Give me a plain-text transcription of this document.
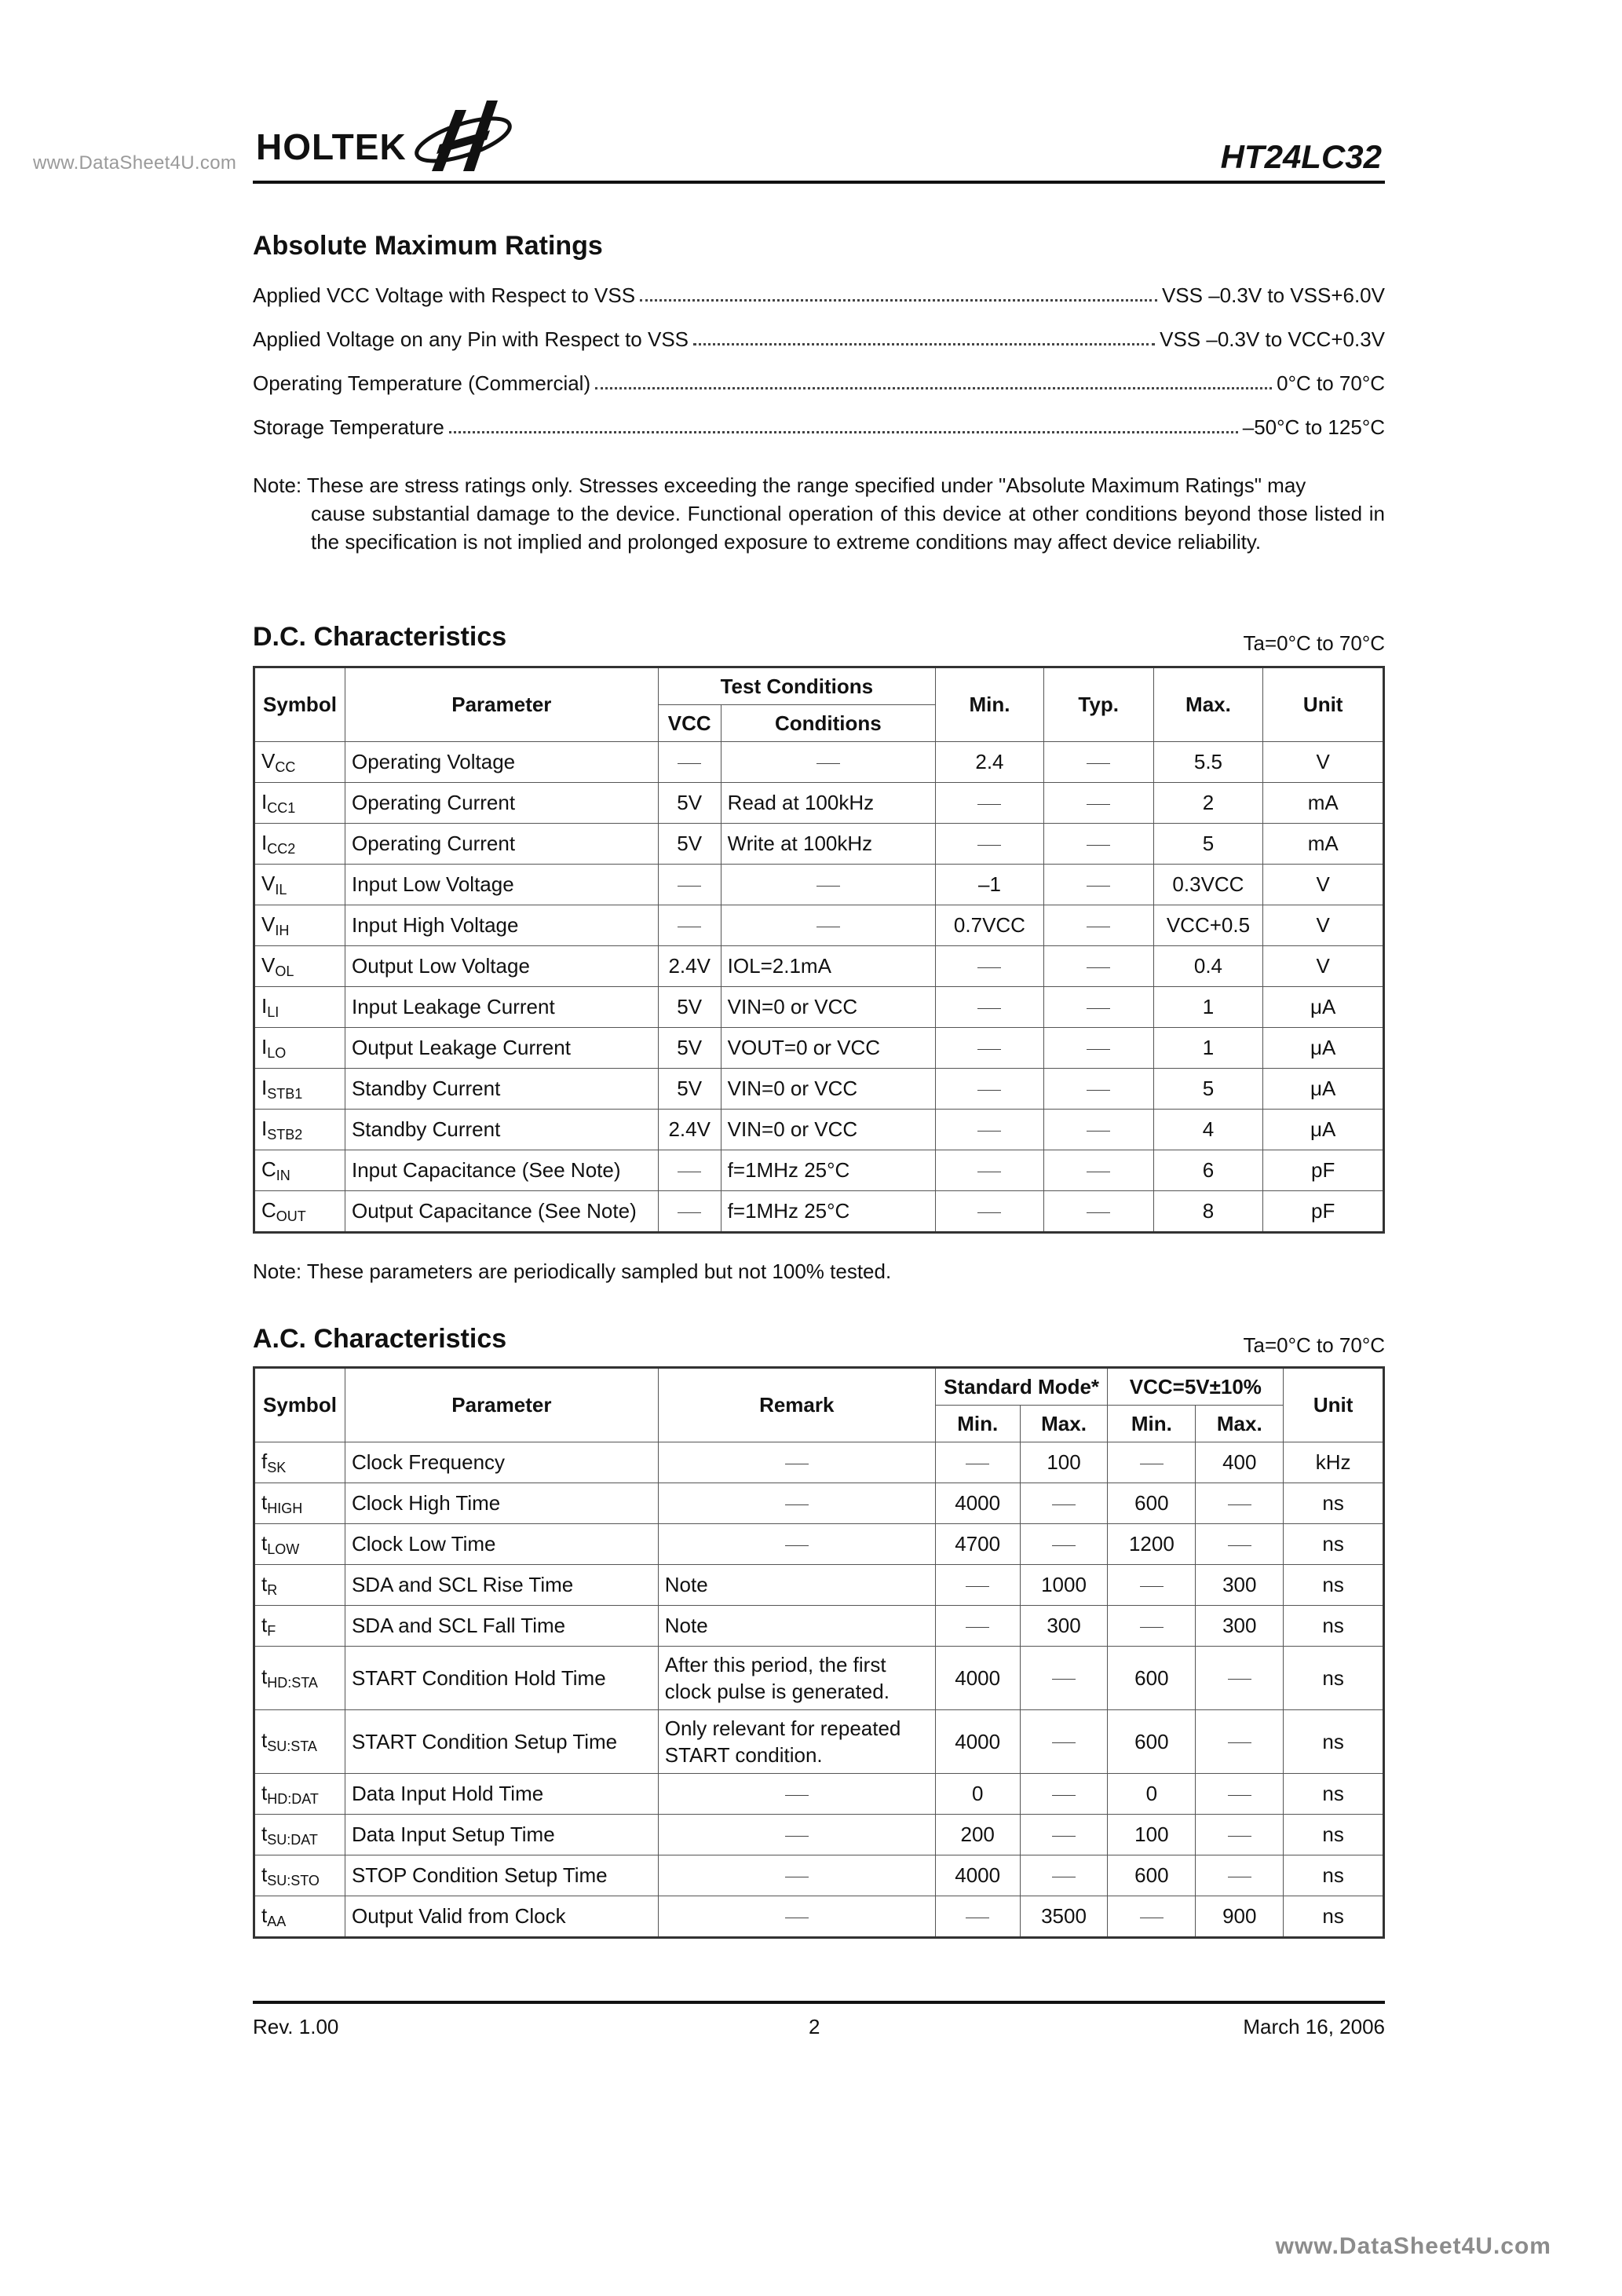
www.DataSheet4U.com HOLTEK	HT24LC32
Absolute Maximum Ratings
Applied VCC Voltage with Respect to VSS	VSS –0.3V to VSS+6.0V
Applied Voltage on any Pin with Respect to VSS	VSS –0.3V to VCC+0.3V
Operating Temperature (Commercial)	0°C to 70°C
Storage Temperature	–50°C to 125°C
Note: These are stress ratings only. Stresses exceeding the range specified under "Absolute Maximum Ratings" may
cause substantial damage to the device. Functional operation of this device at other conditions beyond those listed in the specification is not implied and prolonged exposure to extreme conditions may affect device reliability.
D.C. Characteristics	Ta=0°C to 70°C
Symbol	Parameter	Test Conditions		Min.	Typ.	Max.	Unit
		VCC	Conditions				
$V_{CC}$	Operating Voltage			2.4		5.5	V
$I_{CC1}$	Operating Current	5V	Read at 100kHz			2	mA
$I_{CC2}$	Operating Current	5V	Write at 100kHz			5	mA
$V_{IL}$	Input Low Voltage			–1		0.3VCC	V
$V_{IH}$	Input High Voltage			0.7VCC		VCC+0.5	V
$V_{OL}$	Output Low Voltage	2.4V	IOL=2.1mA			0.4	V
$I_{LI}$	Input Leakage Current	5V	VIN=0 or VCC			1	μA
$I_{LO}$	Output Leakage Current	5V	VOUT=0 or VCC			1	μA
$I_{STB1}$	Standby Current	5V	VIN=0 or VCC			5	μA
$I_{STB2}$	Standby Current	2.4V	VIN=0 or VCC			4	μA
$C_{IN}$	Input Capacitance (See Note)		f=1MHz 25°C			6	pF
$C_{OUT}$	Output Capacitance (See Note)		f=1MHz 25°C			8	pF
Note: These parameters are periodically sampled but not 100% tested.
A.C. Characteristics	Ta=0°C to 70°C
Symbol	Parameter	Remark	Standard Mode*		VCC=5V±10%		Unit
			Min.	Max.	Min.	Max.	
$f_{SK}$	Clock Frequency			100		400	kHz
$t_{HIGH}$	Clock High Time		4000		600		ns
$t_{LOW}$	Clock Low Time		4700		1200		ns
$t_R$	SDA and SCL Rise Time	Note		1000		300	ns
$t_F$	SDA and SCL Fall Time	Note		300		300	ns
$t_{HD:STA}$	START Condition Hold Time	After this period, the first clock pulse is generated.	4000		600		ns
$t_{SU:STA}$	START Condition Setup Time	Only relevant for repeated START condition.	4000		600		ns
$t_{HD:DAT}$	Data Input Hold Time		0		0		ns
$t_{SU:DAT}$	Data Input Setup Time		200		100		ns
$t_{SU:STO}$	STOP Condition Setup Time		4000		600		ns
$t_{AA}$	Output Valid from Clock			3500		900	ns
Rev. 1.00	2	March 16, 2006
www.DataSheet4U.com
